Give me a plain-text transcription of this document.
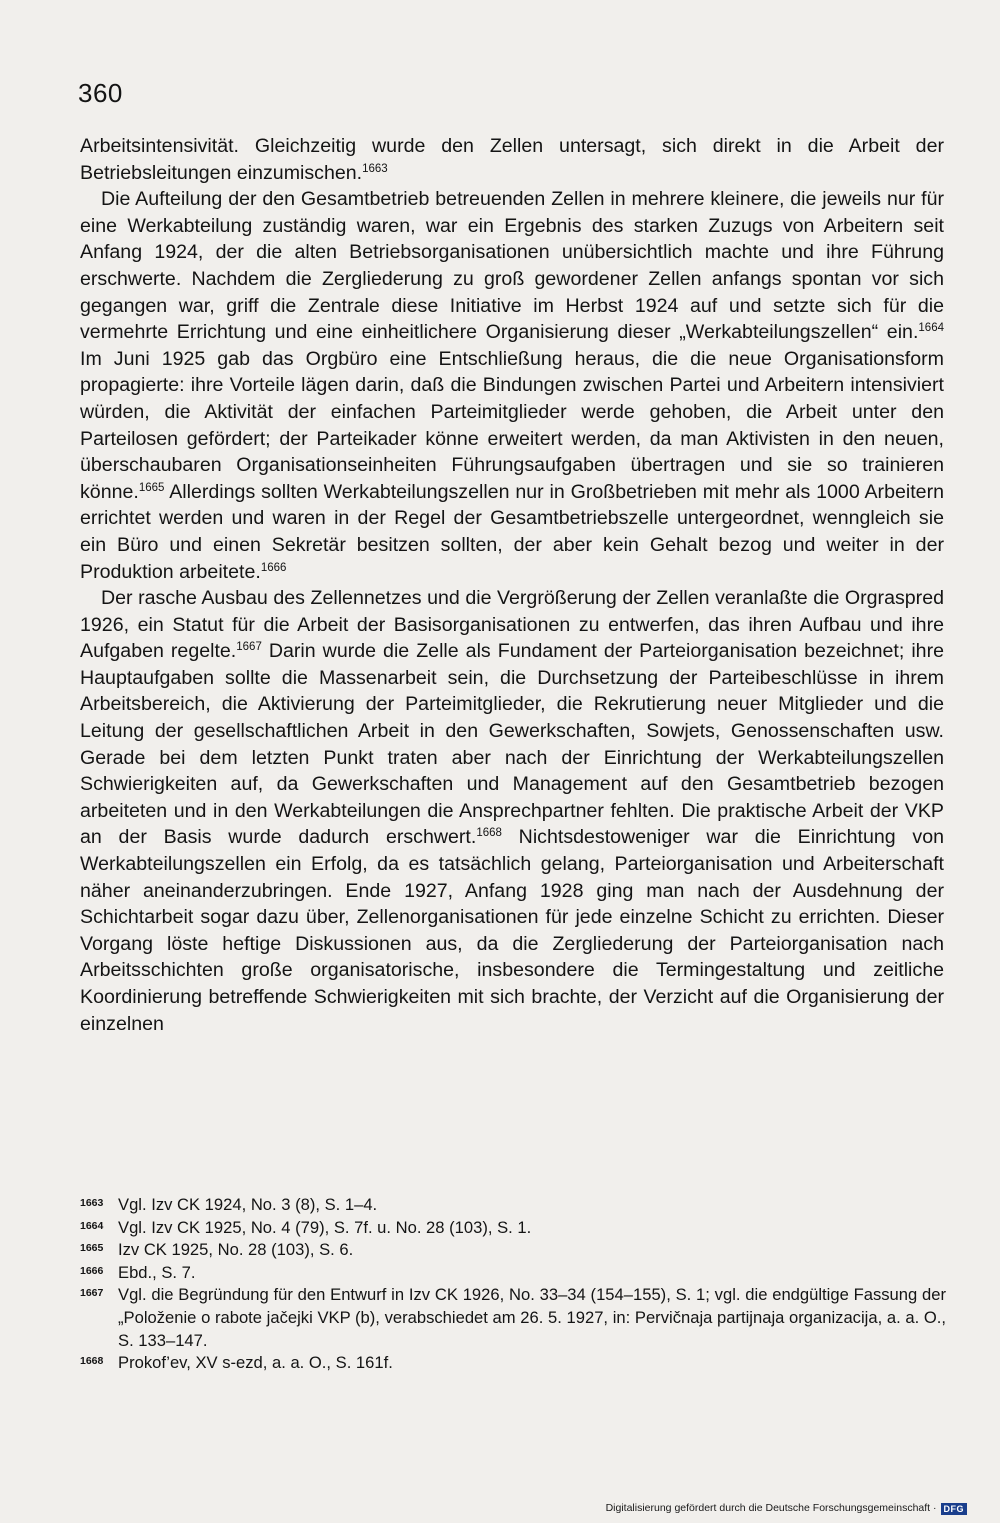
360

Arbeitsintensivität. Gleichzeitig wurde den Zellen untersagt, sich direkt in die Arbeit der Betriebsleitungen einzumischen.$^{1663}$

Die Aufteilung der den Gesamtbetrieb betreuenden Zellen in mehrere kleinere, die jeweils nur für eine Werkabteilung zuständig waren, war ein Ergebnis des starken Zuzugs von Arbeitern seit Anfang 1924, der die alten Betriebsorganisationen unübersichtlich machte und ihre Führung erschwerte. Nachdem die Zergliederung zu groß gewordener Zellen anfangs spontan vor sich gegangen war, griff die Zentrale diese Initiative im Herbst 1924 auf und setzte sich für die vermehrte Errichtung und eine einheitlichere Organisierung dieser „Werkabteilungszellen“ ein.$^{1664}$ Im Juni 1925 gab das Orgbüro eine Entschließung heraus, die die neue Organisationsform propagierte: ihre Vorteile lägen darin, daß die Bindungen zwischen Partei und Arbeitern intensiviert würden, die Aktivität der einfachen Parteimitglieder werde gehoben, die Arbeit unter den Parteilosen gefördert; der Parteikader könne erweitert werden, da man Aktivisten in den neuen, überschaubaren Organisationseinheiten Führungsaufgaben übertragen und sie so trainieren könne.$^{1665}$ Allerdings sollten Werkabteilungszellen nur in Großbetrieben mit mehr als 1000 Arbeitern errichtet werden und waren in der Regel der Gesamtbetriebszelle untergeordnet, wenngleich sie ein Büro und einen Sekretär besitzen sollten, der aber kein Gehalt bezog und weiter in der Produktion arbeitete.$^{1666}$

Der rasche Ausbau des Zellennetzes und die Vergrößerung der Zellen veranlaßte die Orgraspred 1926, ein Statut für die Arbeit der Basisorganisationen zu entwerfen, das ihren Aufbau und ihre Aufgaben regelte.$^{1667}$ Darin wurde die Zelle als Fundament der Parteiorganisation bezeichnet; ihre Hauptaufgaben sollte die Massenarbeit sein, die Durchsetzung der Parteibeschlüsse in ihrem Arbeitsbereich, die Aktivierung der Parteimitglieder, die Rekrutierung neuer Mitglieder und die Leitung der gesellschaftlichen Arbeit in den Gewerkschaften, Sowjets, Genossenschaften usw. Gerade bei dem letzten Punkt traten aber nach der Einrichtung der Werkabteilungszellen Schwierigkeiten auf, da Gewerkschaften und Management auf den Gesamtbetrieb bezogen arbeiteten und in den Werkabteilungen die Ansprechpartner fehlten. Die praktische Arbeit der VKP an der Basis wurde dadurch erschwert.$^{1668}$ Nichtsdestoweniger war die Einrichtung von Werkabteilungszellen ein Erfolg, da es tatsächlich gelang, Parteiorganisation und Arbeiterschaft näher aneinanderzubringen. Ende 1927, Anfang 1928 ging man nach der Ausdehnung der Schichtarbeit sogar dazu über, Zellenorganisationen für jede einzelne Schicht zu errichten. Dieser Vorgang löste heftige Diskussionen aus, da die Zergliederung der Parteiorganisation nach Arbeitsschichten große organisatorische, insbesondere die Termingestaltung und zeitliche Koordinierung betreffende Schwierigkeiten mit sich brachte, der Verzicht auf die Organisierung der einzelnen

1663 Vgl. Izv CK 1924, No. 3 (8), S. 1–4.
1664 Vgl. Izv CK 1925, No. 4 (79), S. 7f. u. No. 28 (103), S. 1.
1665 Izv CK 1925, No. 28 (103), S. 6.
1666 Ebd., S. 7.
1667 Vgl. die Begründung für den Entwurf in Izv CK 1926, No. 33–34 (154–155), S. 1; vgl. die endgültige Fassung der „Položenie o rabote jačejki VKP (b), verabschiedet am 26. 5. 1927, in: Pervičnaja partijnaja organizacija, a. a. O., S. 133–147.
1668 Prokof’ev, XV s-ezd, a. a. O., S. 161f.
Digitalisierung gefördert durch die Deutsche Forschungsgemeinschaft · DFG
